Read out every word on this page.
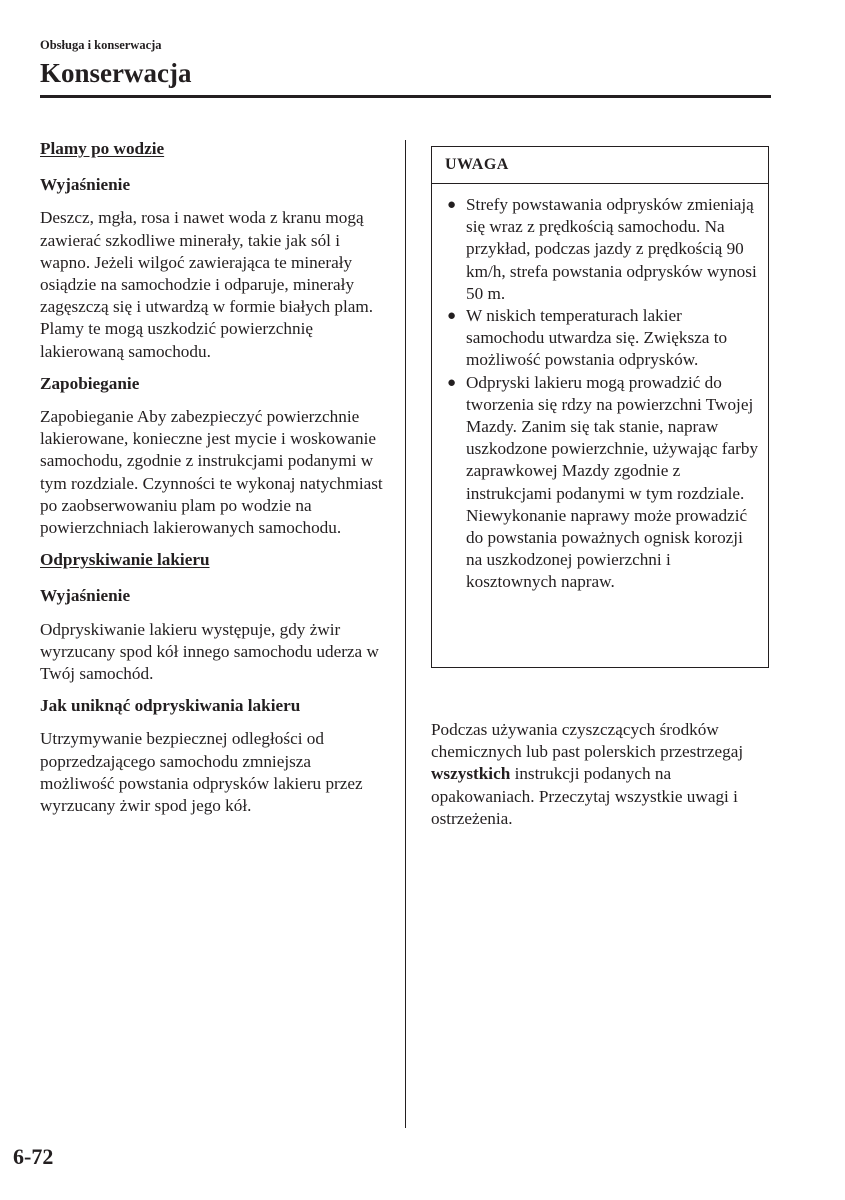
Obsługa i konserwacja
Konserwacja

Plamy po wodzie

Wyjaśnienie

Deszcz, mgła, rosa i nawet woda z kranu mogą zawierać szkodliwe minerały, takie jak sól i wapno. Jeżeli wilgoć zawierająca te minerały osiądzie na samochodzie i odparuje, minerały zagęszczą się i utwardzą w formie białych plam. Plamy te mogą uszkodzić powierzchnię lakierowaną samochodu.

Zapobieganie

Zapobieganie Aby zabezpieczyć powierzchnie lakierowane, konieczne jest mycie i woskowanie samochodu, zgodnie z instrukcjami podanymi w tym rozdziale. Czynności te wykonaj natychmiast po zaobserwowaniu plam po wodzie na powierzchniach lakierowanych samochodu.

Odpryskiwanie lakieru

Wyjaśnienie

Odpryskiwanie lakieru występuje, gdy żwir wyrzucany spod kół innego samochodu uderza w Twój samochód.

Jak uniknąć odpryskiwania lakieru

Utrzymywanie bezpiecznej odległości od poprzedzającego samochodu zmniejsza możliwość powstania odprysków lakieru przez wyrzucany żwir spod jego kół.

UWAGA
● Strefy powstawania odprysków zmieniają się wraz z prędkością samochodu. Na przykład, podczas jazdy z prędkością 90 km/h, strefa powstania odprysków wynosi 50 m.
● W niskich temperaturach lakier samochodu utwardza się. Zwiększa to możliwość powstania odprysków.
● Odpryski lakieru mogą prowadzić do tworzenia się rdzy na powierzchni Twojej Mazdy. Zanim się tak stanie, napraw uszkodzone powierzchnie, używając farby zaprawkowej Mazdy zgodnie z instrukcjami podanymi w tym rozdziale. Niewykonanie naprawy może prowadzić do powstania poważnych ognisk korozji na uszkodzonej powierzchni i kosztownych napraw.

Podczas używania czyszczących środków chemicznych lub past polerskich przestrzegaj wszystkich instrukcji podanych na opakowaniach. Przeczytaj wszystkie uwagi i ostrzeżenia.

6-72
